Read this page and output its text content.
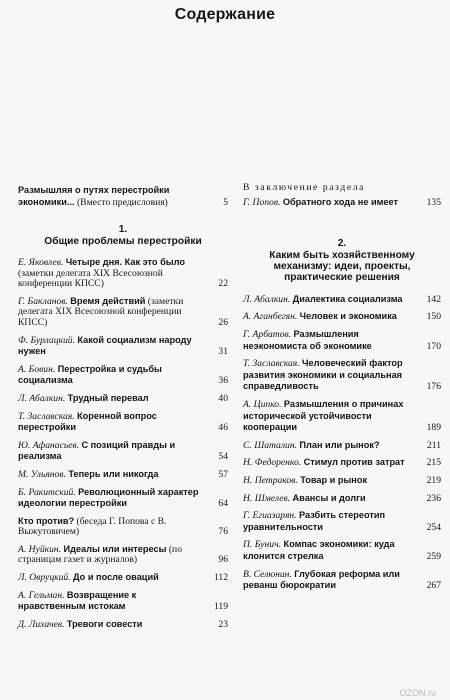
Содержание
Размышляя о путях перестройки экономики... (Вместо предисловия)	5
1.
Общие проблемы перестройки
Е. Яковлев. Четыре дня. Как это было (заметки делегата XIX Всесоюзной конференции КПСС)	22
Г. Бакланов. Время действий (заметки делегата XIX Всесоюзной конференции КПСС)	26
Ф. Бурлацкий. Какой социализм народу нужен	31
А. Бовин. Перестройка и судьбы социализма	36
Л. Абалкин. Трудный перевал	40
Т. Заславская. Коренной вопрос перестройки	46
Ю. Афанасьев. С позиций правды и реализма	54
М. Ульянов. Теперь или никогда	57
Б. Ракитский. Революционный характер идеологии перестройки	64
Кто против? (беседа Г. Попова с В. Выжутовичем)	76
А. Нуйкин. Идеалы или интересы (по страницам газет и журналов)	96
Л. Овруцкий. До и после оваций	112
А. Гельман. Возвращение к нравственным истокам	119
Д. Лихачев. Тревоги совести	23
В заключение раздела
Г. Попов. Обратного хода не имеет	135
2.
Каким быть хозяйственному механизму: идеи, проекты, практические решения
Л. Абалкин. Диалектика социализма	142
А. Аганбегян. Человек и экономика	150
Г. Арбатов. Размышления неэкономиста об экономике	170
Т. Заславская. Человеческий фактор развития экономики и социальная справедливость	176
А. Ципко. Размышления о причинах исторической устойчивости кооперации	189
С. Шаталин. План или рынок?	211
Н. Федоренко. Стимул против затрат 215
Н. Петраков. Товар и рынок	219
Н. Шмелев. Авансы и долги	236
Г. Егиазарян. Разбить стереотип уравнительности	254
П. Бунич. Компас экономики: куда клонится стрелка	259
В. Селюнин. Глубокая реформа или реванш бюрократии	267
OZON.ru
